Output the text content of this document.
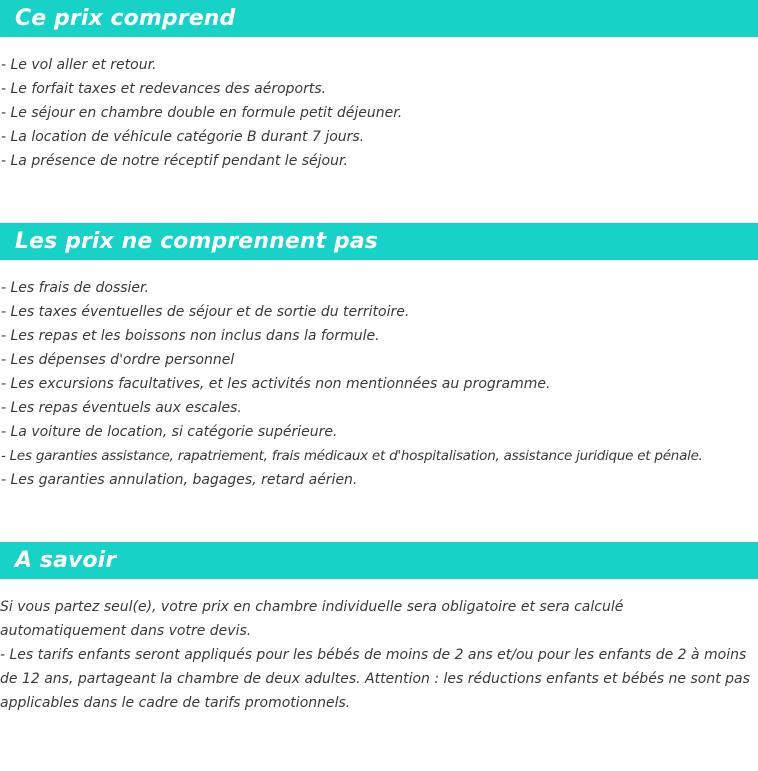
Ce prix comprend
- Le vol aller et retour.
- Le forfait taxes et redevances des aéroports.
- Le séjour en chambre double en formule petit déjeuner.
- La location de véhicule catégorie B durant 7 jours.
- La présence de notre réceptif pendant le séjour.
Les prix ne comprennent pas
- Les frais de dossier.
- Les taxes éventuelles de séjour et de sortie du territoire.
- Les repas et les boissons non inclus dans la formule.
- Les dépenses d'ordre personnel
- Les excursions facultatives, et les activités non mentionnées au programme.
- Les repas éventuels aux escales.
- La voiture de location, si catégorie supérieure.
- Les garanties assistance, rapatriement, frais médicaux et d'hospitalisation, assistance juridique et pénale.
- Les garanties annulation, bagages, retard aérien.
A savoir

Si vous partez seul(e), votre prix en chambre individuelle sera obligatoire et sera calculé automatiquement dans votre devis.

- Les tarifs enfants seront appliqués pour les bébés de moins de 2 ans et/ou pour les enfants de 2 à moins de 12 ans, partageant la chambre de deux adultes. Attention : les réductions enfants et bébés ne sont pas applicables dans le cadre de tarifs promotionnels.
